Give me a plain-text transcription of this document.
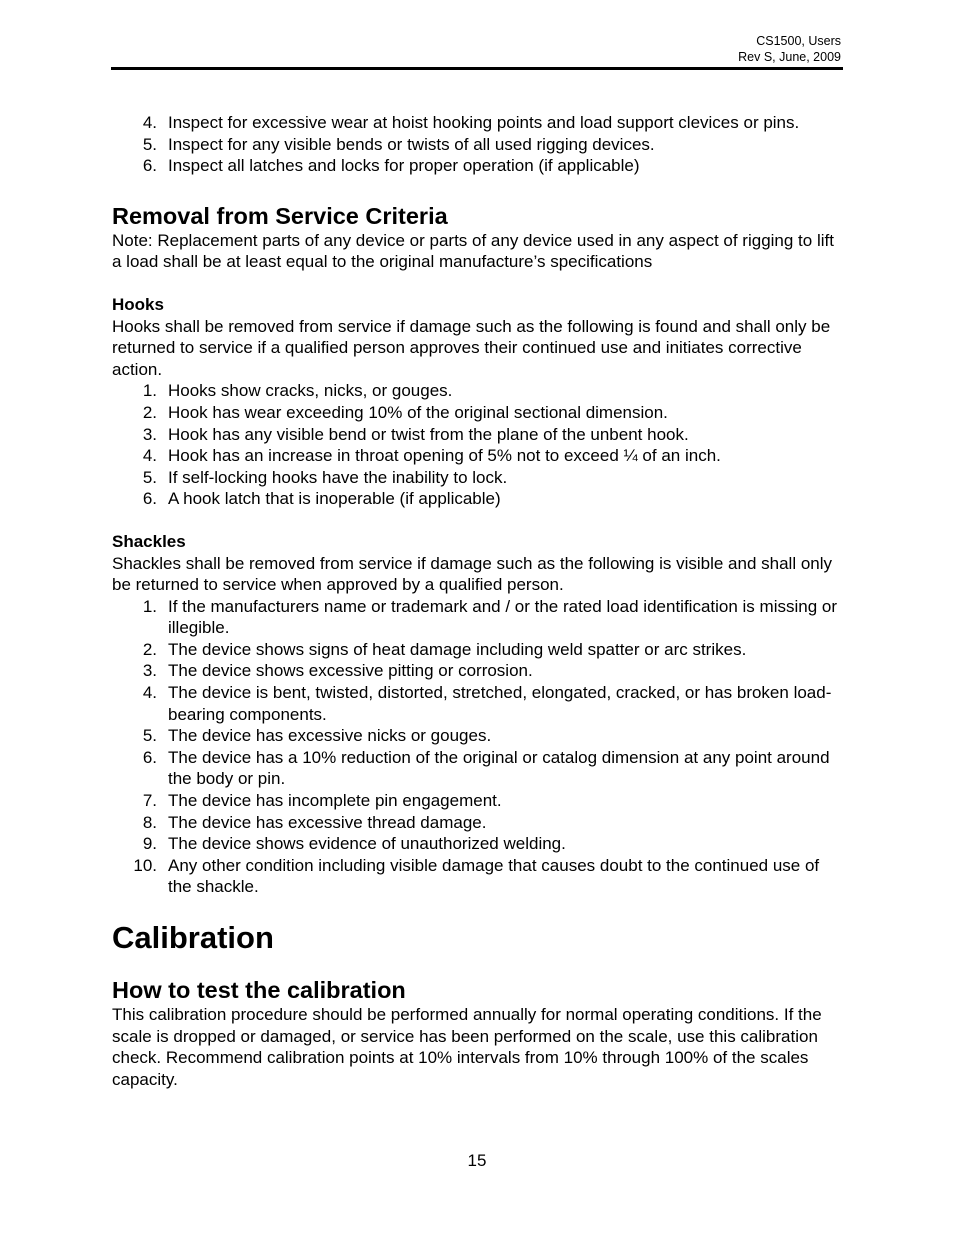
CS1500, Users
Rev S, June, 2009
4. Inspect for excessive wear at hoist hooking points and load support clevices or pins.
5. Inspect for any visible bends or twists of all used rigging devices.
6. Inspect all latches and locks for proper operation (if applicable)
Removal from Service Criteria

Note: Replacement parts of any device or parts of any device used in any aspect of rigging to lift a load shall be at least equal to the original manufacture’s specifications

Hooks

Hooks shall be removed from service if damage such as the following is found and shall only be returned to service if a qualified person approves their continued use and initiates corrective action.

1. Hooks show cracks, nicks, or gouges.
2. Hook has wear exceeding 10% of the original sectional dimension.
3. Hook has any visible bend or twist from the plane of the unbent hook.
4. Hook has an increase in throat opening of 5% not to exceed ¼ of an inch.
5. If self-locking hooks have the inability to lock.
6. A hook latch that is inoperable (if applicable)
Shackles

Shackles shall be removed from service if damage such as the following is visible and shall only be returned to service when approved by a qualified person.

1. If the manufacturers name or trademark and / or the rated load identification is missing or illegible.
2. The device shows signs of heat damage including weld spatter or arc strikes.
3. The device shows excessive pitting or corrosion.
4. The device is bent, twisted, distorted, stretched, elongated, cracked, or has broken load-bearing components.
5. The device has excessive nicks or gouges.
6. The device has a 10% reduction of the original or catalog dimension at any point around the body or pin.
7. The device has incomplete pin engagement.
8. The device has excessive thread damage.
9. The device shows evidence of unauthorized welding.
10. Any other condition including visible damage that causes doubt to the continued use of the shackle.
Calibration
How to test the calibration

This calibration procedure should be performed annually for normal operating conditions. If the scale is dropped or damaged, or service has been performed on the scale, use this calibration check. Recommend calibration points at 10% intervals from 10% through 100% of the scales capacity.

15
